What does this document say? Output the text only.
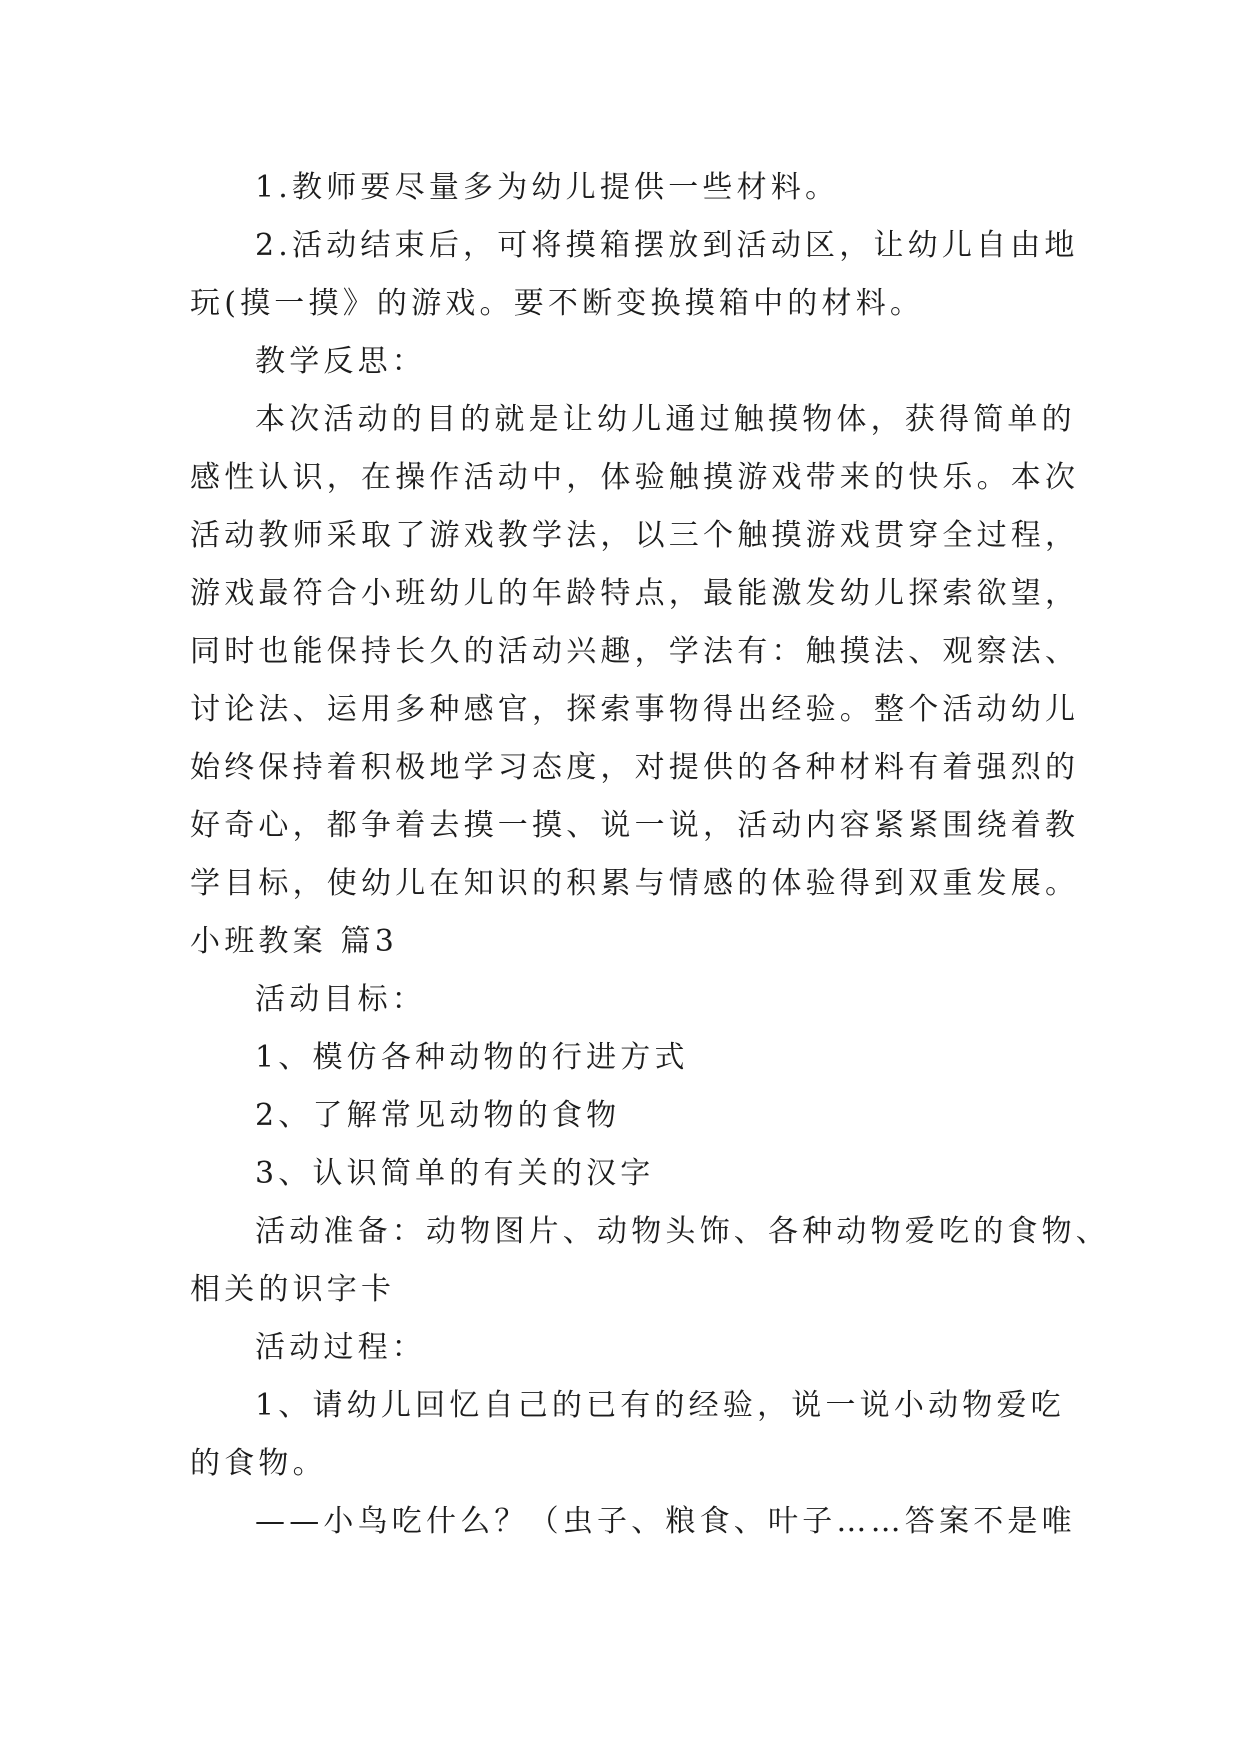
1.教师要尽量多为幼儿提供一些材料。
2.活动结束后，可将摸箱摆放到活动区，让幼儿自由地
玩(摸一摸》的游戏。要不断变换摸箱中的材料。
教学反思：
本次活动的目的就是让幼儿通过触摸物体，获得简单的
感性认识，在操作活动中，体验触摸游戏带来的快乐。本次
活动教师采取了游戏教学法，以三个触摸游戏贯穿全过程，
游戏最符合小班幼儿的年龄特点，最能激发幼儿探索欲望，
同时也能保持长久的活动兴趣，学法有：触摸法、观察法、
讨论法、运用多种感官，探索事物得出经验。整个活动幼儿
始终保持着积极地学习态度，对提供的各种材料有着强烈的
好奇心，都争着去摸一摸、说一说，活动内容紧紧围绕着教
学目标，使幼儿在知识的积累与情感的体验得到双重发展。
小班教案 篇3
活动目标：
1、模仿各种动物的行进方式
2、了解常见动物的食物
3、认识简单的有关的汉字
活动准备：动物图片、动物头饰、各种动物爱吃的食物、
相关的识字卡
活动过程：
1、请幼儿回忆自己的已有的经验，说一说小动物爱吃
的食物。
——小鸟吃什么？（虫子、粮食、叶子……答案不是唯
